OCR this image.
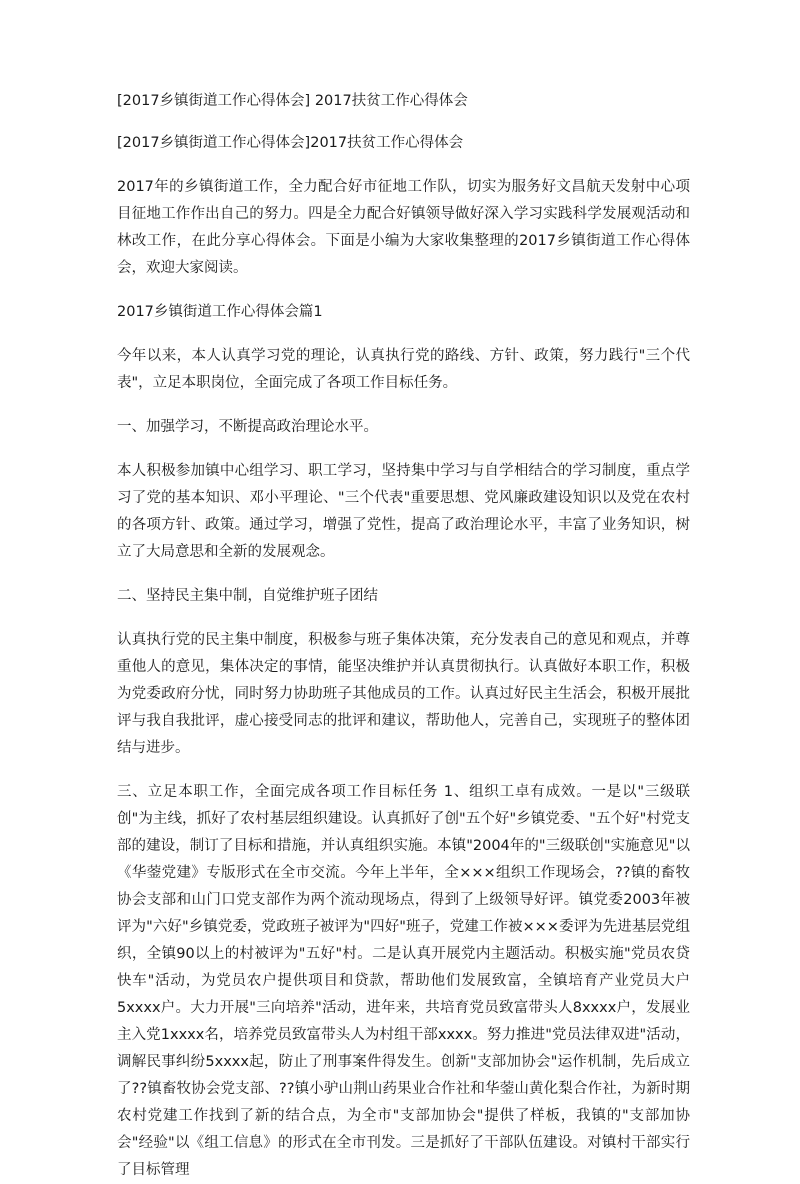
[2017乡镇街道工作心得体会] 2017扶贫工作心得体会

[2017乡镇街道工作心得体会]2017扶贫工作心得体会

2017年的乡镇街道工作，全力配合好市征地工作队，切实为服务好文昌航天发射中心项目征地工作作出自己的努力。四是全力配合好镇领导做好深入学习实践科学发展观活动和林改工作，在此分享心得体会。下面是小编为大家收集整理的2017乡镇街道工作心得体会，欢迎大家阅读。

2017乡镇街道工作心得体会篇1

今年以来，本人认真学习党的理论，认真执行党的路线、方针、政策，努力践行"三个代表"，立足本职岗位，全面完成了各项工作目标任务。

一、加强学习，不断提高政治理论水平。

本人积极参加镇中心组学习、职工学习，坚持集中学习与自学相结合的学习制度，重点学习了党的基本知识、邓小平理论、"三个代表"重要思想、党风廉政建设知识以及党在农村的各项方针、政策。通过学习，增强了党性，提高了政治理论水平，丰富了业务知识，树立了大局意思和全新的发展观念。

二、坚持民主集中制，自觉维护班子团结

认真执行党的民主集中制度，积极参与班子集体决策，充分发表自己的意见和观点，并尊重他人的意见，集体决定的事情，能坚决维护并认真贯彻执行。认真做好本职工作，积极为党委政府分忧，同时努力协助班子其他成员的工作。认真过好民主生活会，积极开展批评与我自我批评，虚心接受同志的批评和建议，帮助他人，完善自己，实现班子的整体团结与进步。

三、立足本职工作，全面完成各项工作目标任务 1、组织工卓有成效。一是以"三级联创"为主线，抓好了农村基层组织建设。认真抓好了创"五个好"乡镇党委、"五个好"村党支部的建设，制订了目标和措施，并认真组织实施。本镇"2004年的"三级联创"实施意见"以《华蓥党建》专版形式在全市交流。今年上半年，全×××组织工作现场会，??镇的畜牧协会支部和山门口党支部作为两个流动现场点，得到了上级领导好评。镇党委2003年被评为"六好"乡镇党委，党政班子被评为"四好"班子，党建工作被×××委评为先进基层党组织，全镇90以上的村被评为"五好"村。二是认真开展党内主题活动。积极实施"党员农贷快车"活动，为党员农户提供项目和贷款，帮助他们发展致富，全镇培育产业党员大户5xxxx户。大力开展"三向培养"活动，进年来，共培育党员致富带头人8xxxx户，发展业主入党1xxxx名，培养党员致富带头人为村组干部xxxx。努力推进"党员法律双进"活动，调解民事纠纷5xxxx起，防止了刑事案件得发生。创新"支部加协会"运作机制，先后成立了??镇畜牧协会党支部、??镇小驴山荆山药果业合作社和华蓥山黄化梨合作社，为新时期农村党建工作找到了新的结合点，为全市"支部加协会"提供了样板，我镇的"支部加协会"经验"以《组工信息》的形式在全市刊发。三是抓好了干部队伍建设。对镇村干部实行了目标管理
